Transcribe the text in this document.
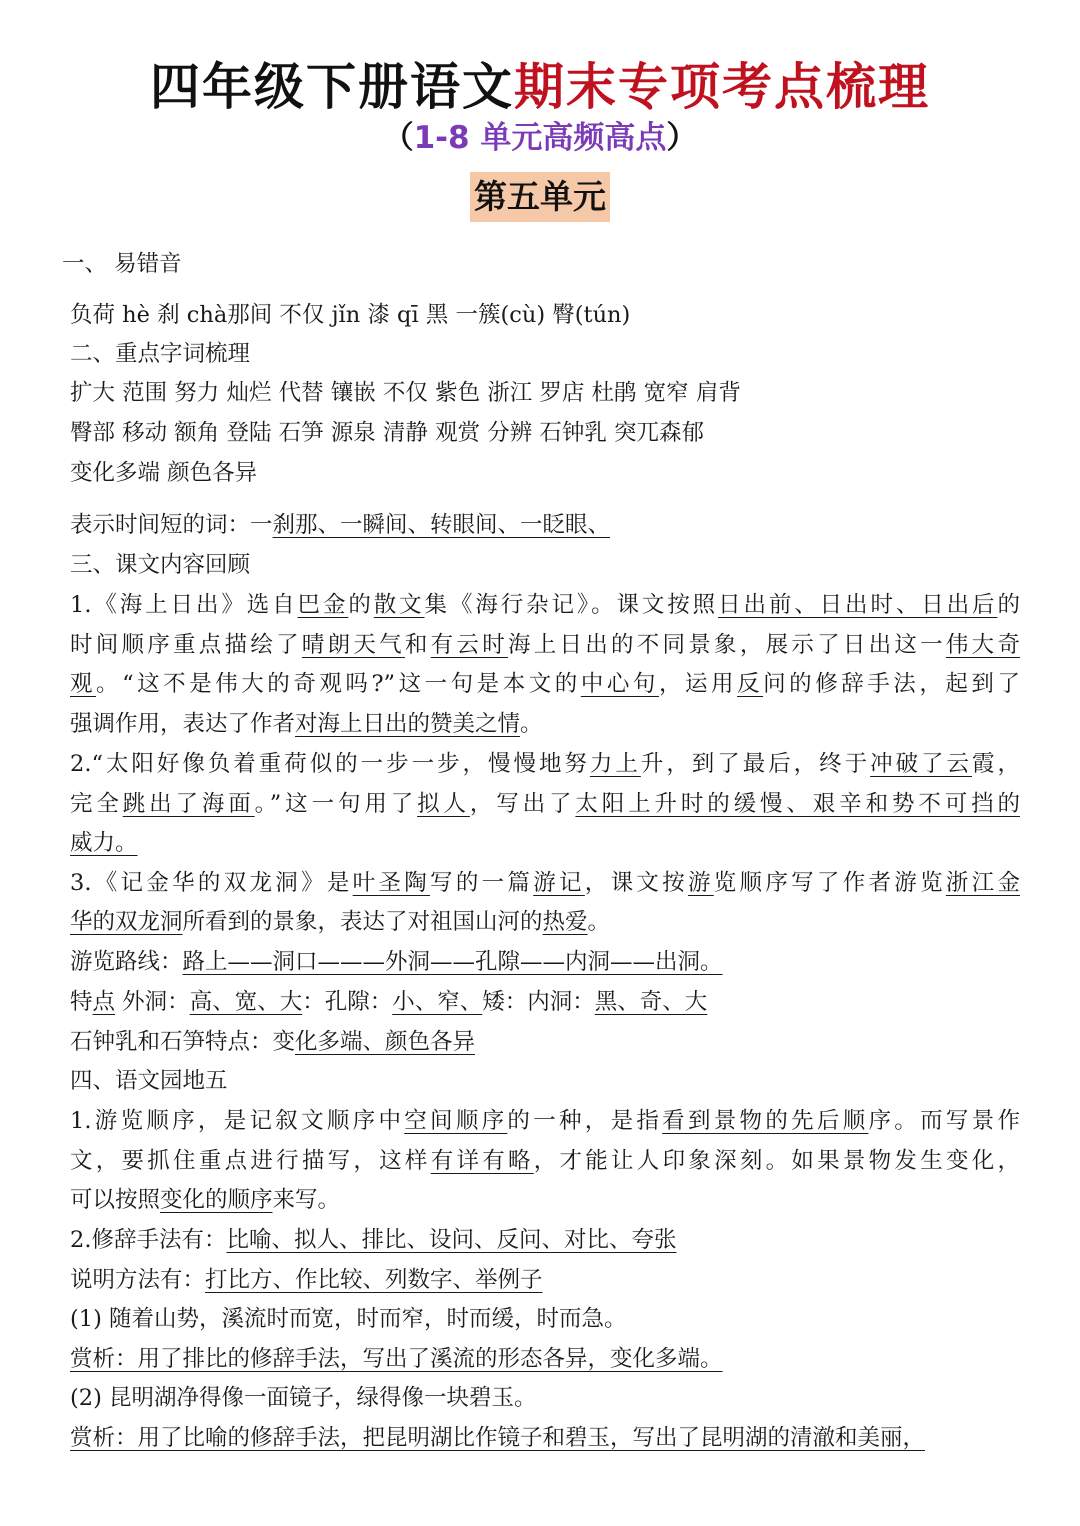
四年级下册语文期末专项考点梳理
（1-8 单元高频高点）
第五单元
一、 易错音
负荷 hè 刹 chà那间 不仅 jǐn 漆 qī 黑 一簇(cù) 臀(tún)
二、重点字词梳理
扩大 范围 努力 灿烂 代替 镶嵌 不仅 紫色 浙江 罗店 杜鹃 宽窄 肩背
臀部 移动 额角 登陆 石笋 源泉 清静 观赏 分辨 石钟乳 突兀森郁
变化多端 颜色各异
表示时间短的词：一刹那、一瞬间、转眼间、一眨眼、
三、课文内容回顾
1.《海上日出》选自巴金的散文集《海行杂记》。课文按照日出前、日出时、日出后的
时间顺序重点描绘了晴朗天气和有云时海上日出的不同景象，展示了日出这一伟大奇
观。“这不是伟大的奇观吗?”这一句是本文的中心句，运用反问的修辞手法，起到了
强调作用，表达了作者对海上日出的赞美之情。
2.“太阳好像负着重荷似的一步一步，慢慢地努力上升，到了最后，终于冲破了云霞，
完全跳出了海面。”这一句用了拟人，写出了太阳上升时的缓慢、艰辛和势不可挡的
威力。
3.《记金华的双龙洞》是叶圣陶写的一篇游记，课文按游览顺序写了作者游览浙江金
华的双龙洞所看到的景象，表达了对祖国山河的热爱。
游览路线：路上——洞口———外洞——孔隙——内洞——出洞。
特点 外洞：高、宽、大：孔隙：小、窄、矮：内洞：黑、奇、大
石钟乳和石笋特点：变化多端、颜色各异
四、语文园地五
1.游览顺序，是记叙文顺序中空间顺序的一种，是指看到景物的先后顺序。而写景作
文，要抓住重点进行描写，这样有详有略，才能让人印象深刻。如果景物发生变化，
可以按照变化的顺序来写。
2.修辞手法有：比喻、拟人、排比、设问、反问、对比、夸张
说明方法有：打比方、作比较、列数字、举例子
(1) 随着山势，溪流时而宽，时而窄，时而缓，时而急。
赏析：用了排比的修辞手法，写出了溪流的形态各异，变化多端。
(2) 昆明湖净得像一面镜子，绿得像一块碧玉。
赏析：用了比喻的修辞手法，把昆明湖比作镜子和碧玉，写出了昆明湖的清澈和美丽，
